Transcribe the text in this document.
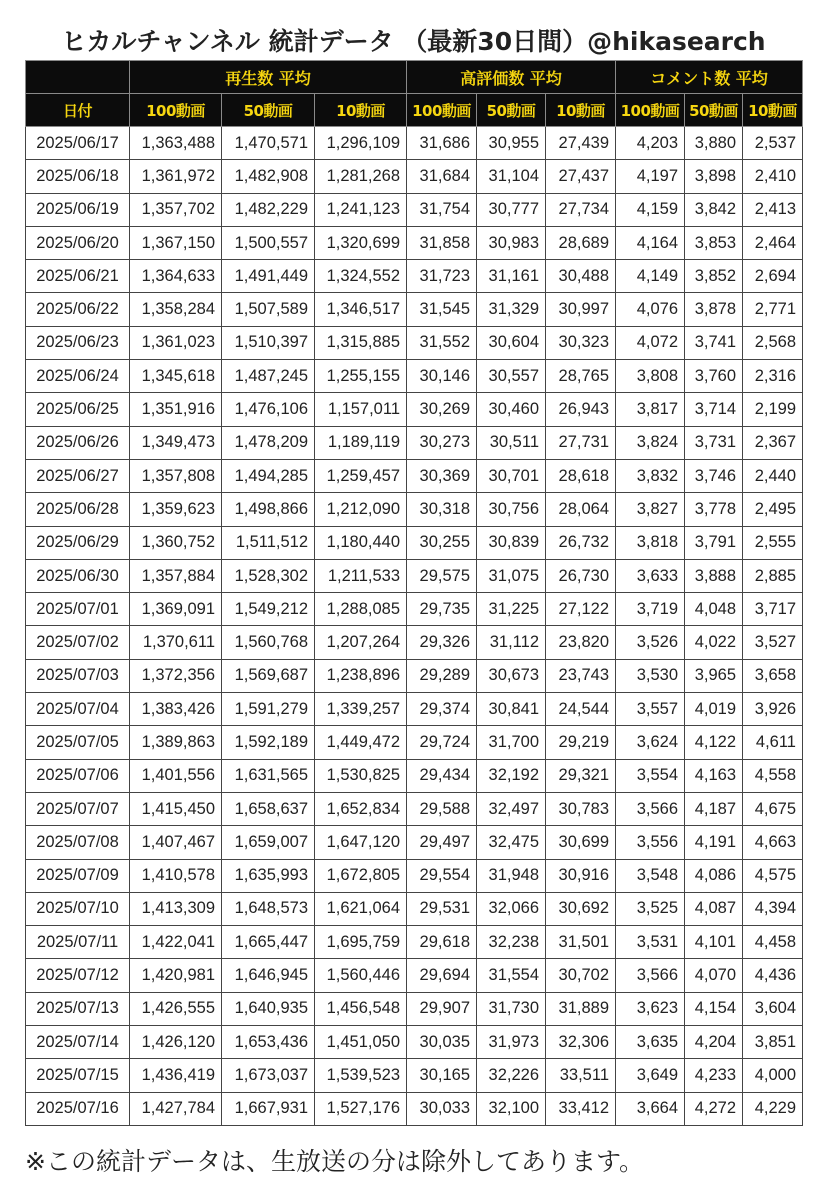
ヒカルチャンネル 統計データ （最新30日間）@hikasearch
	再生数 平均			高評価数 平均			コメント数 平均		
日付	100動画	50動画	10動画	100動画	50動画	10動画	100動画	50動画	10動画
2025/06/17	1,363,488	1,470,571	1,296,109	31,686	30,955	27,439	4,203	3,880	2,537
2025/06/18	1,361,972	1,482,908	1,281,268	31,684	31,104	27,437	4,197	3,898	2,410
2025/06/19	1,357,702	1,482,229	1,241,123	31,754	30,777	27,734	4,159	3,842	2,413
2025/06/20	1,367,150	1,500,557	1,320,699	31,858	30,983	28,689	4,164	3,853	2,464
2025/06/21	1,364,633	1,491,449	1,324,552	31,723	31,161	30,488	4,149	3,852	2,694
2025/06/22	1,358,284	1,507,589	1,346,517	31,545	31,329	30,997	4,076	3,878	2,771
2025/06/23	1,361,023	1,510,397	1,315,885	31,552	30,604	30,323	4,072	3,741	2,568
2025/06/24	1,345,618	1,487,245	1,255,155	30,146	30,557	28,765	3,808	3,760	2,316
2025/06/25	1,351,916	1,476,106	1,157,011	30,269	30,460	26,943	3,817	3,714	2,199
2025/06/26	1,349,473	1,478,209	1,189,119	30,273	30,511	27,731	3,824	3,731	2,367
2025/06/27	1,357,808	1,494,285	1,259,457	30,369	30,701	28,618	3,832	3,746	2,440
2025/06/28	1,359,623	1,498,866	1,212,090	30,318	30,756	28,064	3,827	3,778	2,495
2025/06/29	1,360,752	1,511,512	1,180,440	30,255	30,839	26,732	3,818	3,791	2,555
2025/06/30	1,357,884	1,528,302	1,211,533	29,575	31,075	26,730	3,633	3,888	2,885
2025/07/01	1,369,091	1,549,212	1,288,085	29,735	31,225	27,122	3,719	4,048	3,717
2025/07/02	1,370,611	1,560,768	1,207,264	29,326	31,112	23,820	3,526	4,022	3,527
2025/07/03	1,372,356	1,569,687	1,238,896	29,289	30,673	23,743	3,530	3,965	3,658
2025/07/04	1,383,426	1,591,279	1,339,257	29,374	30,841	24,544	3,557	4,019	3,926
2025/07/05	1,389,863	1,592,189	1,449,472	29,724	31,700	29,219	3,624	4,122	4,611
2025/07/06	1,401,556	1,631,565	1,530,825	29,434	32,192	29,321	3,554	4,163	4,558
2025/07/07	1,415,450	1,658,637	1,652,834	29,588	32,497	30,783	3,566	4,187	4,675
2025/07/08	1,407,467	1,659,007	1,647,120	29,497	32,475	30,699	3,556	4,191	4,663
2025/07/09	1,410,578	1,635,993	1,672,805	29,554	31,948	30,916	3,548	4,086	4,575
2025/07/10	1,413,309	1,648,573	1,621,064	29,531	32,066	30,692	3,525	4,087	4,394
2025/07/11	1,422,041	1,665,447	1,695,759	29,618	32,238	31,501	3,531	4,101	4,458
2025/07/12	1,420,981	1,646,945	1,560,446	29,694	31,554	30,702	3,566	4,070	4,436
2025/07/13	1,426,555	1,640,935	1,456,548	29,907	31,730	31,889	3,623	4,154	3,604
2025/07/14	1,426,120	1,653,436	1,451,050	30,035	31,973	32,306	3,635	4,204	3,851
2025/07/15	1,436,419	1,673,037	1,539,523	30,165	32,226	33,511	3,649	4,233	4,000
2025/07/16	1,427,784	1,667,931	1,527,176	30,033	32,100	33,412	3,664	4,272	4,229
※この統計データは、生放送の分は除外してあります。
